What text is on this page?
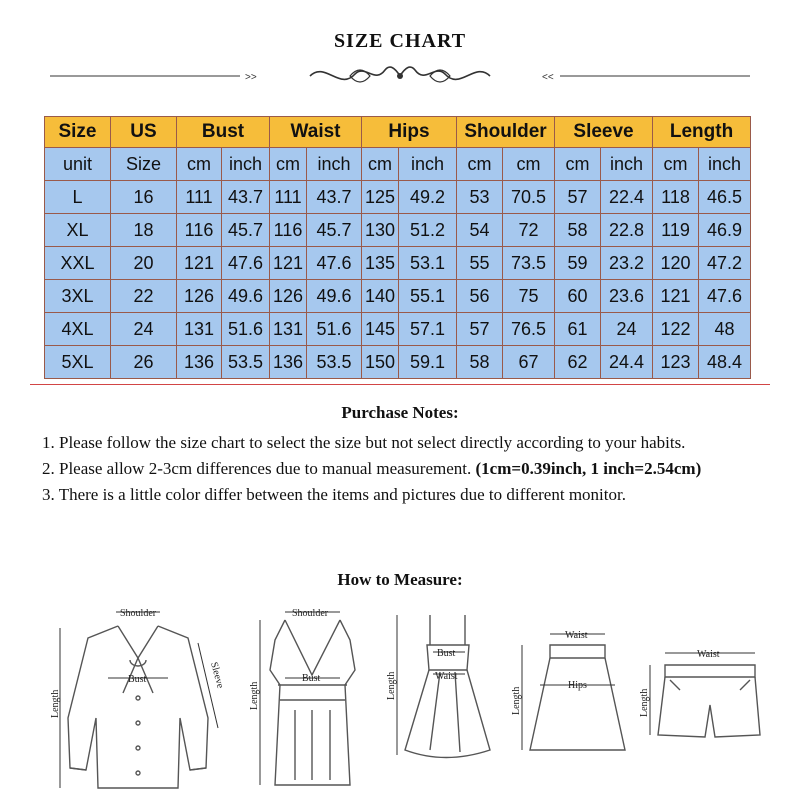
SIZE CHART
>>	<<
Size	US	Bust		Waist		Hips		Shoulder		Sleeve		Length	
unit	Size	cm	inch	cm	inch	cm	inch	cm	cm	cm	inch	cm	inch
L	16	111	43.7	111	43.7	125	49.2	53	70.5	57	22.4	118	46.5
XL	18	116	45.7	116	45.7	130	51.2	54	72	58	22.8	119	46.9
XXL	20	121	47.6	121	47.6	135	53.1	55	73.5	59	23.2	120	47.2
3XL	22	126	49.6	126	49.6	140	55.1	56	75	60	23.6	121	47.6
4XL	24	131	51.6	131	51.6	145	57.1	57	76.5	61	24	122	48
5XL	26	136	53.5	136	53.5	150	59.1	58	67	62	24.4	123	48.4
Purchase Notes:

1. Please follow the size chart to select the size but not select directly according to your habits.

2. Please allow 2-3cm differences due to manual measurement. (1cm=0.39inch, 1 inch=2.54cm)

3. There is a little color differ between the items and pictures due to different monitor.

How to Measure:
Shoulder
Bust
Length
Sleeve
Shoulder
Bust
Length
Bust
Waist
Length
Waist
Hips
Length
Waist
Length
